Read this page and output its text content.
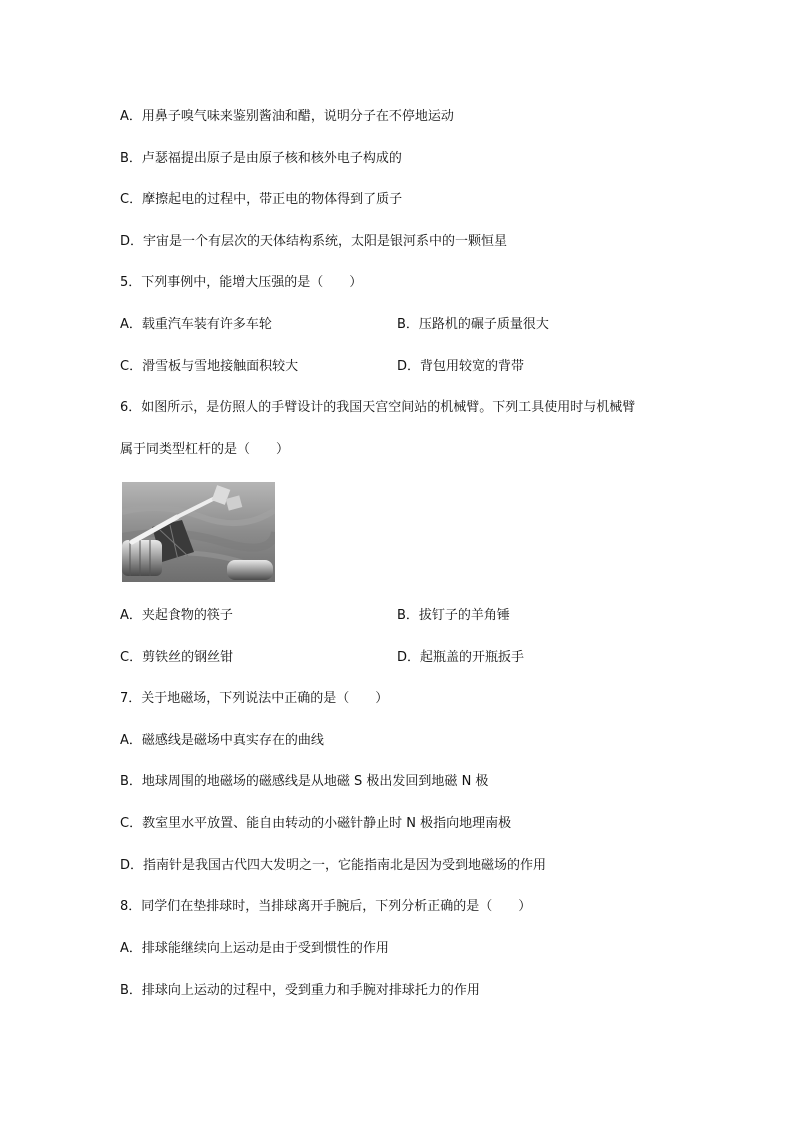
A．用鼻子嗅气味来鉴别酱油和醋，说明分子在不停地运动
B．卢瑟福提出原子是由原子核和核外电子构成的
C．摩擦起电的过程中，带正电的物体得到了质子
D．宇宙是一个有层次的天体结构系统，太阳是银河系中的一颗恒星
5．下列事例中，能增大压强的是（　　）
A．载重汽车装有许多车轮	B．压路机的碾子质量很大
C．滑雪板与雪地接触面积较大	D．背包用较宽的背带
6．如图所示，是仿照人的手臂设计的我国天宫空间站的机械臂。下列工具使用时与机械臂
属于同类型杠杆的是（　　）
A．夹起食物的筷子	B．拔钉子的羊角锤
C．剪铁丝的钢丝钳	D．起瓶盖的开瓶扳手
7．关于地磁场，下列说法中正确的是（　　）
A．磁感线是磁场中真实存在的曲线
B．地球周围的地磁场的磁感线是从地磁 S 极出发回到地磁 N 极
C．教室里水平放置、能自由转动的小磁针静止时 N 极指向地理南极
D．指南针是我国古代四大发明之一，它能指南北是因为受到地磁场的作用
8．同学们在垫排球时，当排球离开手腕后，下列分析正确的是（　　）
A．排球能继续向上运动是由于受到惯性的作用
B．排球向上运动的过程中，受到重力和手腕对排球托力的作用
